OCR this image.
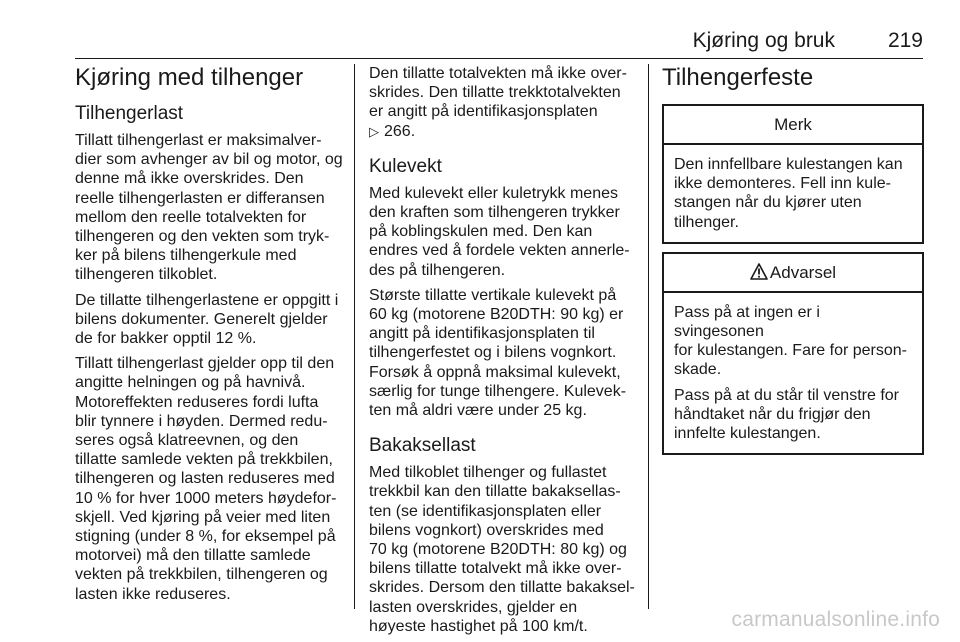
Kjøring og bruk	219
Kjøring med tilhenger
Tilhengerlast

Tillatt tilhengerlast er maksimalver-
dier som avhenger av bil og motor, og
denne må ikke overskrides. Den
reelle tilhengerlasten er differansen
mellom den reelle totalvekten for
tilhengeren og den vekten som tryk-
ker på bilens tilhengerkule med
tilhengeren tilkoblet.

De tillatte tilhengerlastene er oppgitt i
bilens dokumenter. Generelt gjelder
de for bakker opptil 12 %.

Tillatt tilhengerlast gjelder opp til den
angitte helningen og på havnivå.
Motoreffekten reduseres fordi lufta
blir tynnere i høyden. Dermed redu-
seres også klatreevnen, og den
tillatte samlede vekten på trekkbilen,
tilhengeren og lasten reduseres med
10 % for hver 1000 meters høydefor-
skjell. Ved kjøring på veier med liten
stigning (under 8 %, for eksempel på
motorvei) må den tillatte samlede
vekten på trekkbilen, tilhengeren og
lasten ikke reduseres.

Den tillatte totalvekten må ikke over-
skrides. Den tillatte trekktotalvekten
er angitt på identifikasjonsplaten
▷ 266.

Kulevekt

Med kulevekt eller kuletrykk menes
den kraften som tilhengeren trykker
på koblingskulen med. Den kan
endres ved å fordele vekten annerle-
des på tilhengeren.

Største tillatte vertikale kulevekt på
60 kg (motorene B20DTH: 90 kg) er
angitt på identifikasjonsplaten til
tilhengerfestet og i bilens vognkort.
Forsøk å oppnå maksimal kulevekt,
særlig for tunge tilhengere. Kulevek-
ten må aldri være under 25 kg.

Bakaksellast

Med tilkoblet tilhenger og fullastet
trekkbil kan den tillatte bakaksellas-
ten (se identifikasjonsplaten eller
bilens vognkort) overskrides med
70 kg (motorene B20DTH: 80 kg) og
bilens tillatte totalvekt må ikke over-
skrides. Dersom den tillatte bakaksel-
lasten overskrides, gjelder en
høyeste hastighet på 100 km/t.

Tilhengerfeste
Merk

Den innfellbare kulestangen kan
ikke demonteres. Fell inn kule-
stangen når du kjører uten
tilhenger.

Advarsel

Pass på at ingen er i svingesonen
for kulestangen. Fare for person-
skade.

Pass på at du står til venstre for
håndtaket når du frigjør den
innfelte kulestangen.

carmanualsonline.info
